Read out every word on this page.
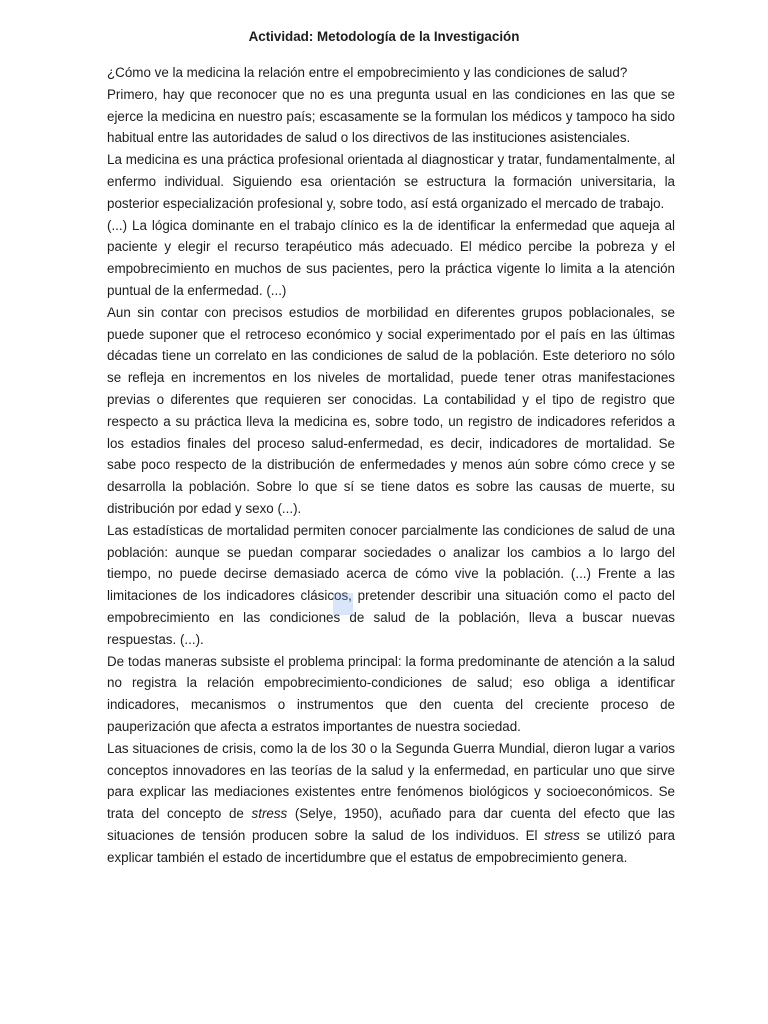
Actividad: Metodología de la Investigación

¿Cómo ve la medicina la relación entre el empobrecimiento y las condiciones de salud?

Primero, hay que reconocer que no es una pregunta usual en las condiciones en las que se ejerce la medicina en nuestro país; escasamente se la formulan los médicos y tampoco ha sido habitual entre las autoridades de salud o los directivos de las instituciones asistenciales.

La medicina es una práctica profesional orientada al diagnosticar y tratar, fundamentalmente, al enfermo individual. Siguiendo esa orientación se estructura la formación universitaria, la posterior especialización profesional y, sobre todo, así está organizado el mercado de trabajo.

(...) La lógica dominante en el trabajo clínico es la de identificar la enfermedad que aqueja al paciente y elegir el recurso terapéutico más adecuado. El médico percibe la pobreza y el empobrecimiento en muchos de sus pacientes, pero la práctica vigente lo limita a la atención puntual de la enfermedad. (...)

Aun sin contar con precisos estudios de morbilidad en diferentes grupos poblacionales, se puede suponer que el retroceso económico y social experimentado por el país en las últimas décadas tiene un correlato en las condiciones de salud de la población. Este deterioro no sólo se refleja en incrementos en los niveles de mortalidad, puede tener otras manifestaciones previas o diferentes que requieren ser conocidas. La contabilidad y el tipo de registro que respecto a su práctica lleva la medicina es, sobre todo, un registro de indicadores referidos a los estadios finales del proceso salud-enfermedad, es decir, indicadores de mortalidad. Se sabe poco respecto de la distribución de enfermedades y menos aún sobre cómo crece y se desarrolla la población. Sobre lo que sí se tiene datos es sobre las causas de muerte, su distribución por edad y sexo (...).

Las estadísticas de mortalidad permiten conocer parcialmente las condiciones de salud de una población: aunque se puedan comparar sociedades o analizar los cambios a lo largo del tiempo, no puede decirse demasiado acerca de cómo vive la población. (...) Frente a las limitaciones de los indicadores clásicos, pretender describir una situación como el pacto del empobrecimiento en las condiciones de salud de la población, lleva a buscar nuevas respuestas. (...).

De todas maneras subsiste el problema principal: la forma predominante de atención a la salud no registra la relación empobrecimiento-condiciones de salud; eso obliga a identificar indicadores, mecanismos o instrumentos que den cuenta del creciente proceso de pauperización que afecta a estratos importantes de nuestra sociedad.

Las situaciones de crisis, como la de los 30 o la Segunda Guerra Mundial, dieron lugar a varios conceptos innovadores en las teorías de la salud y la enfermedad, en particular uno que sirve para explicar las mediaciones existentes entre fenómenos biológicos y socioeconómicos. Se trata del concepto de stress (Selye, 1950), acuñado para dar cuenta del efecto que las situaciones de tensión producen sobre la salud de los individuos. El stress se utilizó para explicar también el estado de incertidumbre que el estatus de empobrecimiento genera.
